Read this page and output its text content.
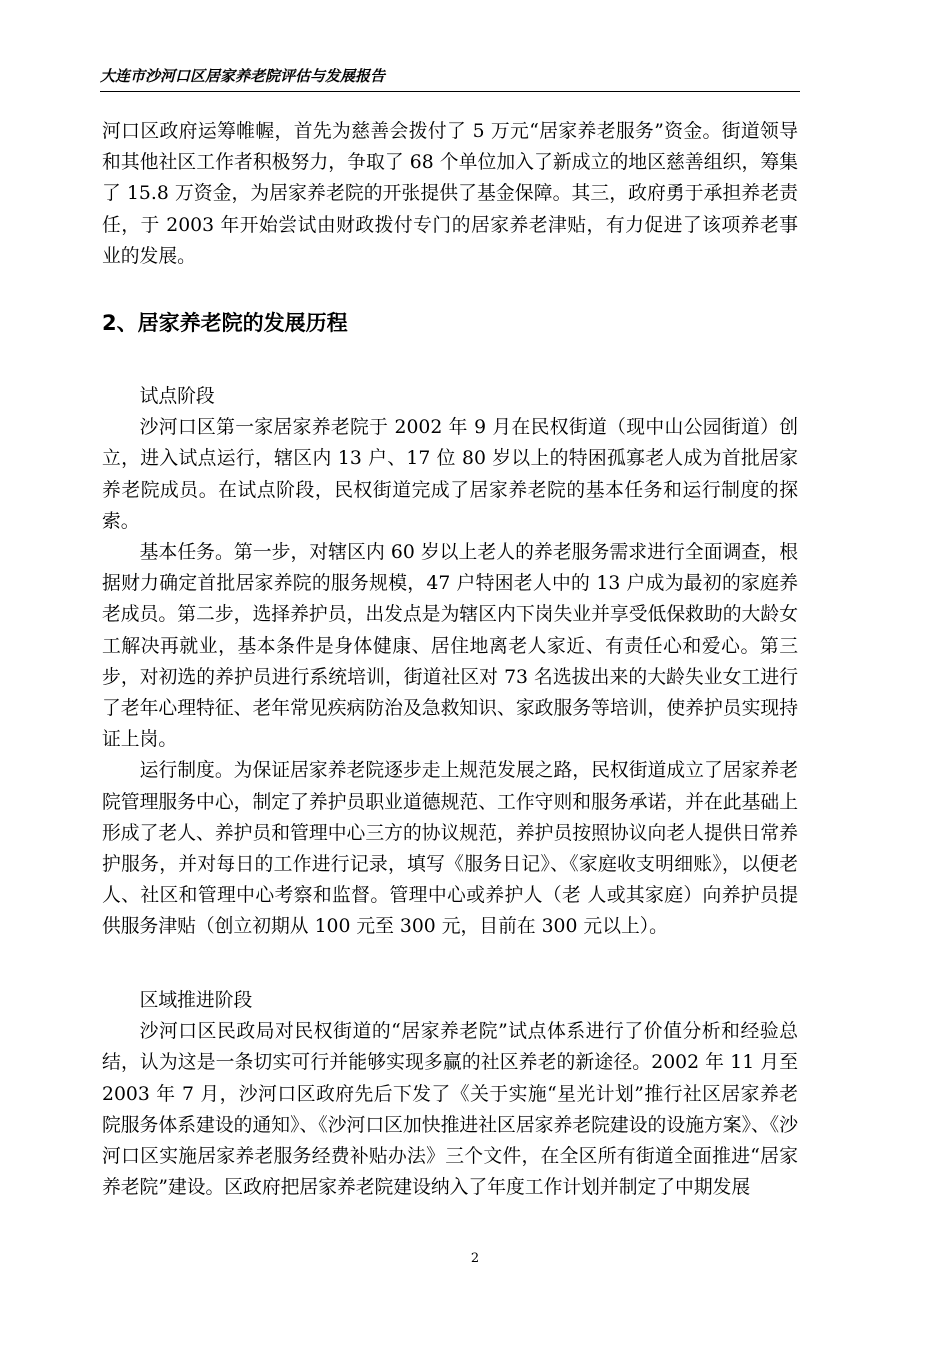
大连市沙河口区居家养老院评估与发展报告

河口区政府运筹帷幄，首先为慈善会拨付了 5 万元“居家养老服务”资金。街道领导和其他社区工作者积极努力，争取了 68 个单位加入了新成立的地区慈善组织，筹集了 15.8 万资金，为居家养老院的开张提供了基金保障。其三，政府勇于承担养老责任，于 2003 年开始尝试由财政拨付专门的居家养老津贴，有力促进了该项养老事业的发展。

2、居家养老院的发展历程

试点阶段

沙河口区第一家居家养老院于 2002 年 9 月在民权街道（现中山公园街道）创立，进入试点运行，辖区内 13 户、17 位 80 岁以上的特困孤寡老人成为首批居家养老院成员。在试点阶段，民权街道完成了居家养老院的基本任务和运行制度的探索。

基本任务。第一步，对辖区内 60 岁以上老人的养老服务需求进行全面调查，根据财力确定首批居家养院的服务规模，47 户特困老人中的 13 户成为最初的家庭养老成员。第二步，选择养护员，出发点是为辖区内下岗失业并享受低保救助的大龄女工解决再就业，基本条件是身体健康、居住地离老人家近、有责任心和爱心。第三步，对初选的养护员进行系统培训，街道社区对 73 名选拔出来的大龄失业女工进行了老年心理特征、老年常见疾病防治及急救知识、家政服务等培训，使养护员实现持证上岗。

运行制度。为保证居家养老院逐步走上规范发展之路，民权街道成立了居家养老院管理服务中心，制定了养护员职业道德规范、工作守则和服务承诺，并在此基础上形成了老人、养护员和管理中心三方的协议规范，养护员按照协议向老人提供日常养护服务，并对每日的工作进行记录，填写《服务日记》、《家庭收支明细账》，以便老人、社区和管理中心考察和监督。管理中心或养护人（老 人或其家庭）向养护员提供服务津贴（创立初期从 100 元至 300 元，目前在 300 元以上）。

区域推进阶段

沙河口区民政局对民权街道的“居家养老院”试点体系进行了价值分析和经验总结，认为这是一条切实可行并能够实现多赢的社区养老的新途径。2002 年 11 月至 2003 年 7 月，沙河口区政府先后下发了《关于实施“星光计划”推行社区居家养老院服务体系建设的通知》、《沙河口区加快推进社区居家养老院建设的设施方案》、《沙河口区实施居家养老服务经费补贴办法》三个文件，在全区所有街道全面推进“居家养老院”建设。区政府把居家养老院建设纳入了年度工作计划并制定了中期发展

2
